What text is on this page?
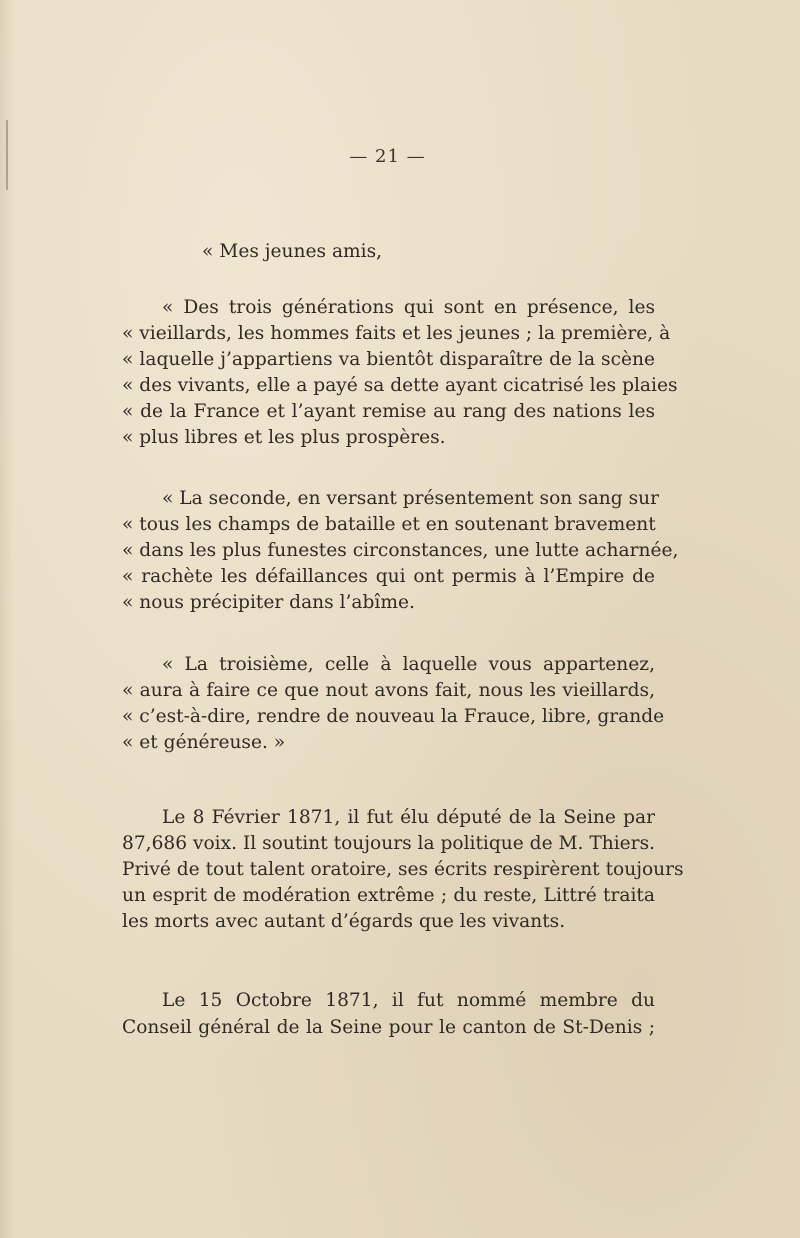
— 21 —
« Mes jeunes amis,
« Des trois générations qui sont en présence, les
« vieillards, les hommes faits et les jeunes ; la première, à
« laquelle j’appartiens va bientôt disparaître de la scène
« des vivants, elle a payé sa dette ayant cicatrisé les plaies
« de la France et l’ayant remise au rang des nations les
« plus libres et les plus prospères.
« La seconde, en versant présentement son sang sur
« tous les champs de bataille et en soutenant bravement
« dans les plus funestes circonstances, une lutte acharnée,
« rachète les défaillances qui ont permis à l’Empire de
« nous précipiter dans l’abîme.
« La troisième, celle à laquelle vous appartenez,
« aura à faire ce que nout avons fait, nous les vieillards,
« c’est-à-dire, rendre de nouveau la Frauce, libre, grande
« et généreuse. »
Le 8 Février 1871, il fut élu député de la Seine par
87,686 voix. Il soutint toujours la politique de M. Thiers.
Privé de tout talent oratoire, ses écrits respirèrent toujours
un esprit de modération extrême ; du reste, Littré traita
les morts avec autant d’égards que les vivants.
Le 15 Octobre 1871, il fut nommé membre du
Conseil général de la Seine pour le canton de St-Denis ;
